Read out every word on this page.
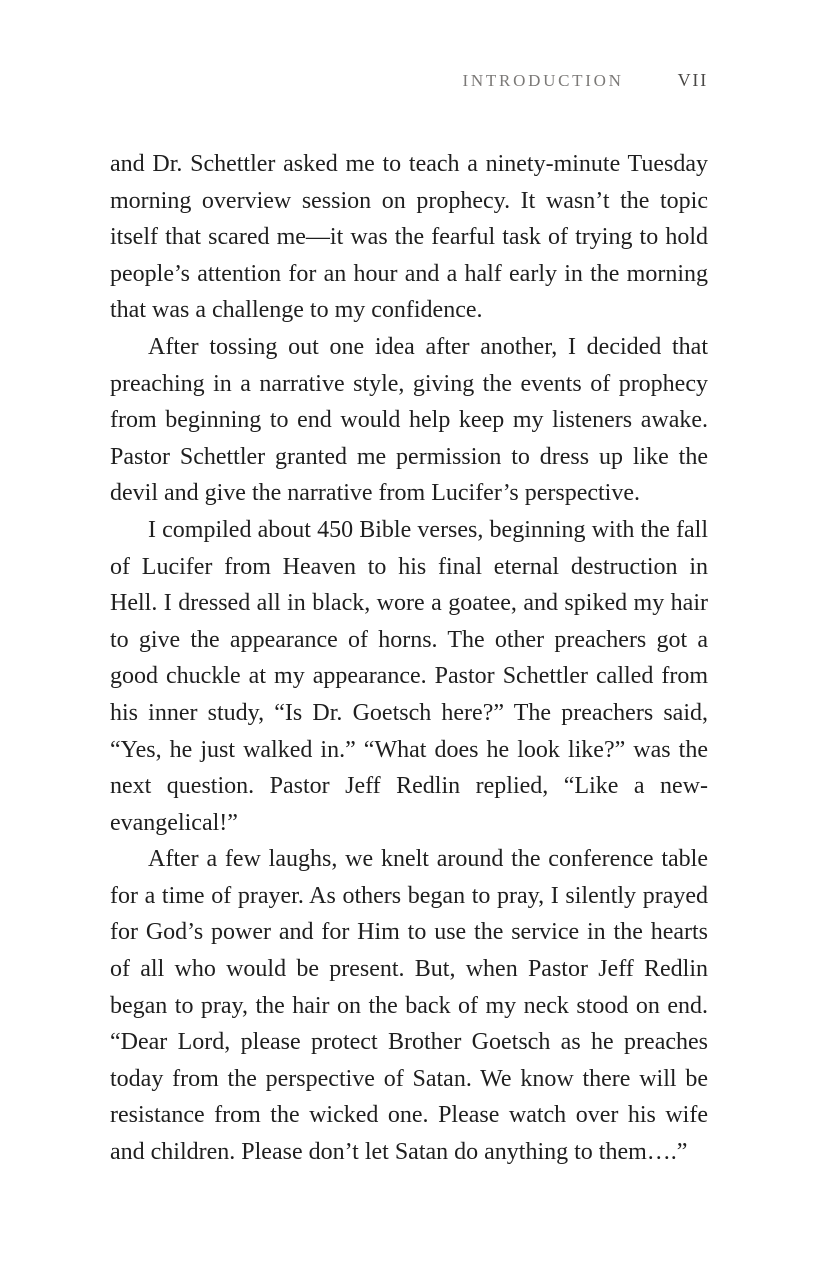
INTRODUCTION	VII

and Dr. Schettler asked me to teach a ninety-minute Tuesday morning overview session on prophecy. It wasn’t the topic itself that scared me—it was the fearful task of trying to hold people’s attention for an hour and a half early in the morning that was a challenge to my confidence.

After tossing out one idea after another, I decided that preaching in a narrative style, giving the events of prophecy from beginning to end would help keep my listeners awake. Pastor Schettler granted me permission to dress up like the devil and give the narrative from Lucifer’s perspective.

I compiled about 450 Bible verses, beginning with the fall of Lucifer from Heaven to his final eternal destruction in Hell. I dressed all in black, wore a goatee, and spiked my hair to give the appearance of horns. The other preachers got a good chuckle at my appearance. Pastor Schettler called from his inner study, “Is Dr. Goetsch here?” The preachers said, “Yes, he just walked in.” “What does he look like?” was the next question. Pastor Jeff Redlin replied, “Like a new-evangelical!”

After a few laughs, we knelt around the conference table for a time of prayer. As others began to pray, I silently prayed for God’s power and for Him to use the service in the hearts of all who would be present. But, when Pastor Jeff Redlin began to pray, the hair on the back of my neck stood on end. “Dear Lord, please protect Brother Goetsch as he preaches today from the perspective of Satan. We know there will be resistance from the wicked one. Please watch over his wife and children. Please don’t let Satan do anything to them….”
